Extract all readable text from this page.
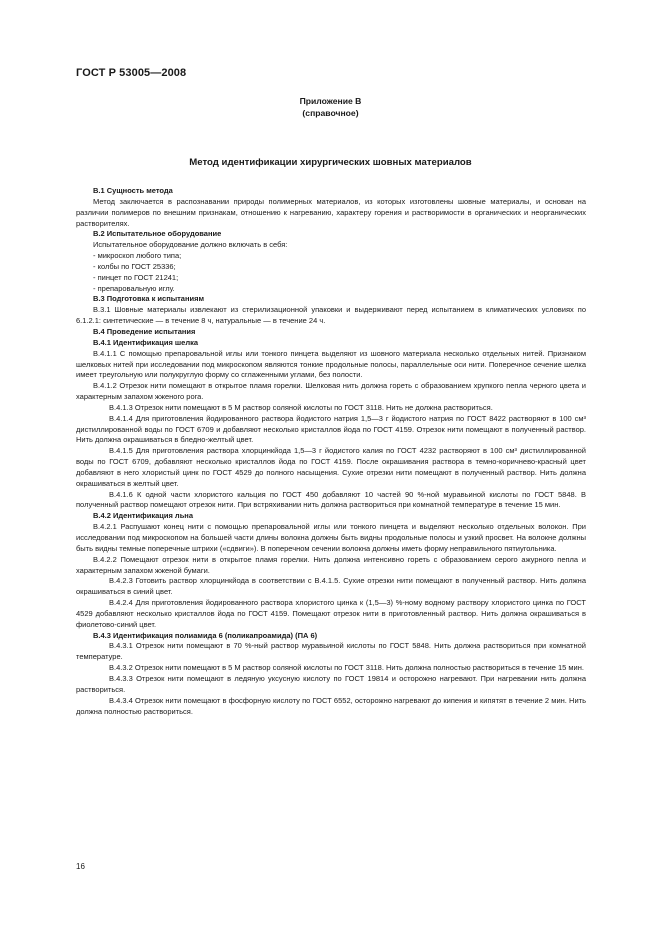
ГОСТ Р 53005—2008
Приложение В
(справочное)
Метод идентификации хирургических шовных материалов

В.1 Сущность метода

Метод заключается в распознавании природы полимерных материалов, из которых изготовлены шовные материалы, и основан на различии полимеров по внешним признакам, отношению к нагреванию, характеру горения и растворимости в органических и неорганических растворителях.

В.2 Испытательное оборудование

Испытательное оборудование должно включать в себя:

- микроскоп любого типа;

- колбы по ГОСТ 25336;

- пинцет по ГОСТ 21241;

- препаровальную иглу.

В.3 Подготовка к испытаниям

В.3.1 Шовные материалы извлекают из стерилизационной упаковки и выдерживают перед испытанием в климатических условиях по 6.1.2.1: синтетические — в течение 8 ч, натуральные — в течение 24 ч.

В.4 Проведение испытания

В.4.1 Идентификация шелка

В.4.1.1 С помощью препаровальной иглы или тонкого пинцета выделяют из шовного материала несколько отдельных нитей. Признаком шелковых нитей при исследовании под микроскопом являются тонкие продольные полосы, параллельные оси нити. Поперечное сечение шелка имеет треугольную или полукруглую форму со сглаженными углами, без полости.

В.4.1.2 Отрезок нити помещают в открытое пламя горелки. Шелковая нить должна гореть с образованием хрупкого пепла черного цвета и характерным запахом жженого рога.

В.4.1.3 Отрезок нити помещают в 5 М раствор соляной кислоты по ГОСТ 3118. Нить не должна раствориться.

В.4.1.4 Для приготовления йодированного раствора йодистого натрия 1,5—3 г йодистого натрия по ГОСТ 8422 растворяют в 100 см³ дистиллированной воды по ГОСТ 6709 и добавляют несколько кристаллов йода по ГОСТ 4159. Отрезок нити помещают в полученный раствор. Нить должна окрашиваться в бледно-желтый цвет.

В.4.1.5 Для приготовления раствора хлорцинкйода 1,5—3 г йодистого калия по ГОСТ 4232 растворяют в 100 см³ дистиллированной воды по ГОСТ 6709, добавляют несколько кристаллов йода по ГОСТ 4159. После окрашивания раствора в темно-коричнево-красный цвет добавляют в него хлористый цинк по ГОСТ 4529 до полного насыщения. Сухие отрезки нити помещают в полученный раствор. Нить должна окрашиваться в желтый цвет.

В.4.1.6 К одной части хлористого кальция по ГОСТ 450 добавляют 10 частей 90 %-ной муравьиной кислоты по ГОСТ 5848. В полученный раствор помещают отрезок нити. При встряхивании нить должна раствориться при комнатной температуре в течение 15 мин.

В.4.2 Идентификация льна

В.4.2.1 Распушают конец нити с помощью препаровальной иглы или тонкого пинцета и выделяют несколько отдельных волокон. При исследовании под микроскопом на большей части длины волокна должны быть видны продольные полосы и узкий просвет. На волокне должны быть видны темные поперечные штрихи («сдвиги»). В поперечном сечении волокна должны иметь форму неправильного пятиугольника.

В.4.2.2 Помещают отрезок нити в открытое пламя горелки. Нить должна интенсивно гореть с образованием серого ажурного пепла и характерным запахом жженой бумаги.

В.4.2.3 Готовить раствор хлорцинкйода в соответствии с В.4.1.5. Сухие отрезки нити помещают в полученный раствор. Нить должна окрашиваться в синий цвет.

В.4.2.4 Для приготовления йодированного раствора хлористого цинка к (1,5—3) %-ному водному раствору хлористого цинка по ГОСТ 4529 добавляют несколько кристаллов йода по ГОСТ 4159. Помещают отрезок нити в приготовленный раствор. Нить должна окрашиваться в фиолетово-синий цвет.

В.4.3 Идентификация полиамида 6 (поликапроамида) (ПА 6)

В.4.3.1 Отрезок нити помещают в 70 %-ный раствор муравьиной кислоты по ГОСТ 5848. Нить должна раствориться при комнатной температуре.

В.4.3.2 Отрезок нити помещают в 5 М раствор соляной кислоты по ГОСТ 3118. Нить должна полностью раствориться в течение 15 мин.

В.4.3.3 Отрезок нити помещают в ледяную уксусную кислоту по ГОСТ 19814 и осторожно нагревают. При нагревании нить должна раствориться.

В.4.3.4 Отрезок нити помещают в фосфорную кислоту по ГОСТ 6552, осторожно нагревают до кипения и кипятят в течение 2 мин. Нить должна полностью раствориться.

16
